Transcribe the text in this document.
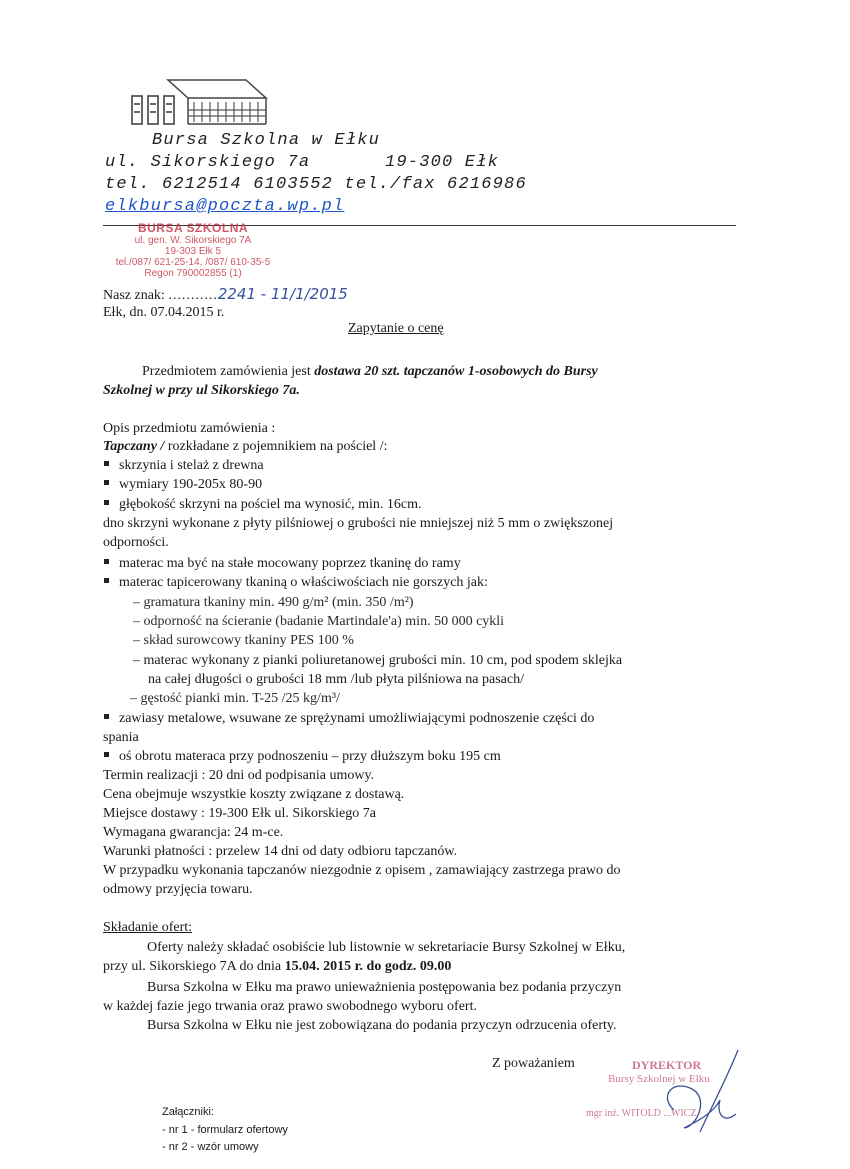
Bursa Szkolna w Ełku
ul. Sikorskiego 7a	19-300 Ełk
tel. 6212514 6103552 tel./fax 6216986
elkbursa@poczta.wp.pl
BURSA SZKOLNA
ul. gen. W. Sikorskiego 7A
19-303 Ełk 5
tel./087/ 621-25-14, /087/ 610-35-5
Regon 790002855 (1)
Nasz znak: ...........2241 - 11/1/2015
Ełk, dn. 07.04.2015 r.
Zapytanie o cenę
Przedmiotem zamówienia jest dostawa 20 szt. tapczanów 1-osobowych do Bursy
Szkolnej w przy ul Sikorskiego 7a.
Opis przedmiotu zamówienia :
Tapczany / rozkładane z pojemnikiem na pościel /:
skrzynia i stelaż z drewna
wymiary 190-205x 80-90
głębokość skrzyni na pościel ma wynosić, min. 16cm.
dno skrzyni wykonane z płyty pilśniowej o grubości nie mniejszej niż 5 mm o zwiększonej
odporności.
materac ma być na stałe mocowany poprzez tkaninę do ramy
materac tapicerowany tkaniną o właściwościach nie gorszych jak:
– gramatura tkaniny min. 490 g/m² (min. 350 /m²)
– odporność na ścieranie (badanie Martindale'a) min. 50 000 cykli
– skład surowcowy tkaniny PES 100 %
– materac wykonany z pianki poliuretanowej grubości min. 10 cm, pod spodem sklejka
na całej długości o grubości 18 mm /lub płyta pilśniowa na pasach/
– gęstość pianki min. T-25 /25 kg/m³/
zawiasy metalowe, wsuwane ze sprężynami umożliwiającymi podnoszenie części do
spania
oś obrotu materaca przy podnoszeniu – przy dłuższym boku 195 cm
Termin realizacji : 20 dni od podpisania umowy.
Cena obejmuje wszystkie koszty związane z dostawą.
Miejsce dostawy : 19-300 Ełk ul. Sikorskiego 7a
Wymagana gwarancja: 24 m-ce.
Warunki płatności : przelew 14 dni od daty odbioru tapczanów.
W przypadku wykonania tapczanów niezgodnie z opisem , zamawiający zastrzega prawo do
odmowy przyjęcia towaru.
Składanie ofert:
Oferty należy składać osobiście lub listownie w sekretariacie Bursy Szkolnej w Ełku,
przy ul. Sikorskiego 7A do dnia 15.04. 2015 r. do godz. 09.00
Bursa Szkolna w Ełku ma prawo unieważnienia postępowania bez podania przyczyn
w każdej fazie jego trwania oraz prawo swobodnego wyboru ofert.
Bursa Szkolna w Ełku nie jest zobowiązana do podania przyczyn odrzucenia oferty.
Z poważaniem	DYREKTOR
Bursy Szkolnej w Ełku
mgr inż. WITOLD ...WICZ
Załączniki:
- nr 1 - formularz ofertowy
- nr 2 - wzór umowy
